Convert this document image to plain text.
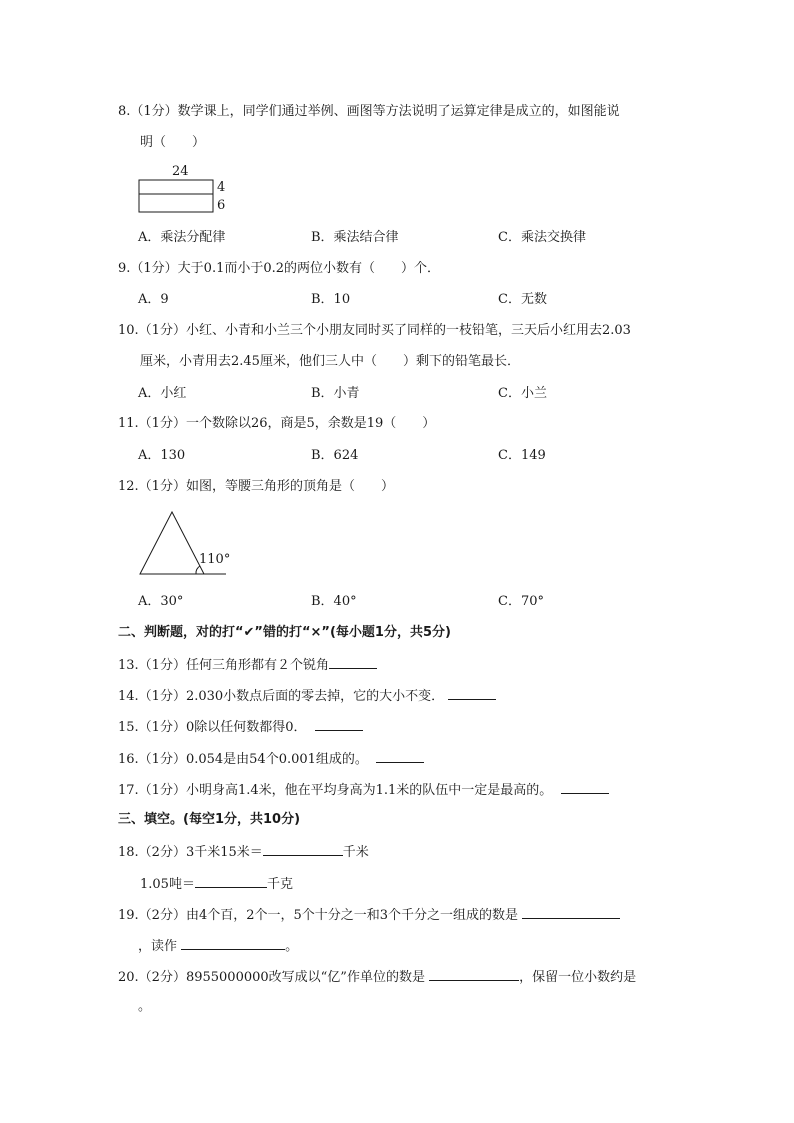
8.（1分）数学课上，同学们通过举例、画图等方法说明了运算定律是成立的，如图能说
明（　　）
24
4
6
A．乘法分配律	B．乘法结合律	C．乘法交换律
9.（1分）大于0.1而小于0.2的两位小数有（　　）个．
A．9	B．10	C．无数
10.（1分）小红、小青和小兰三个小朋友同时买了同样的一枝铅笔，三天后小红用去2.03
厘米，小青用去2.45厘米，他们三人中（　　）剩下的铅笔最长．
A．小红	B．小青	C．小兰
11.（1分）一个数除以26，商是5，余数是19（　　）
A．130	B．624	C．149
12.（1分）如图，等腰三角形的顶角是（　　）
110°
A．30°	B．40°	C．70°
二、判断题，对的打“✔”错的打“×”(每小题1分，共5分)
13.（1分）任何三角形都有２个锐角
14.（1分）2.030小数点后面的零去掉，它的大小不变．
15.（1分）0除以任何数都得0．
16.（1分）0.054是由54个0.001组成的。
17.（1分）小明身高1.4米，他在平均身高为1.1米的队伍中一定是最高的。
三、填空。(每空1分，共10分)
18.（2分）3千米15米＝	千米
1.05吨＝	千克
19.（2分）由4个百，2个一，5个十分之一和3个千分之一组成的数是
，读作	。
20.（2分）8955000000改写成以“亿”作单位的数是	，保留一位小数约是
。
